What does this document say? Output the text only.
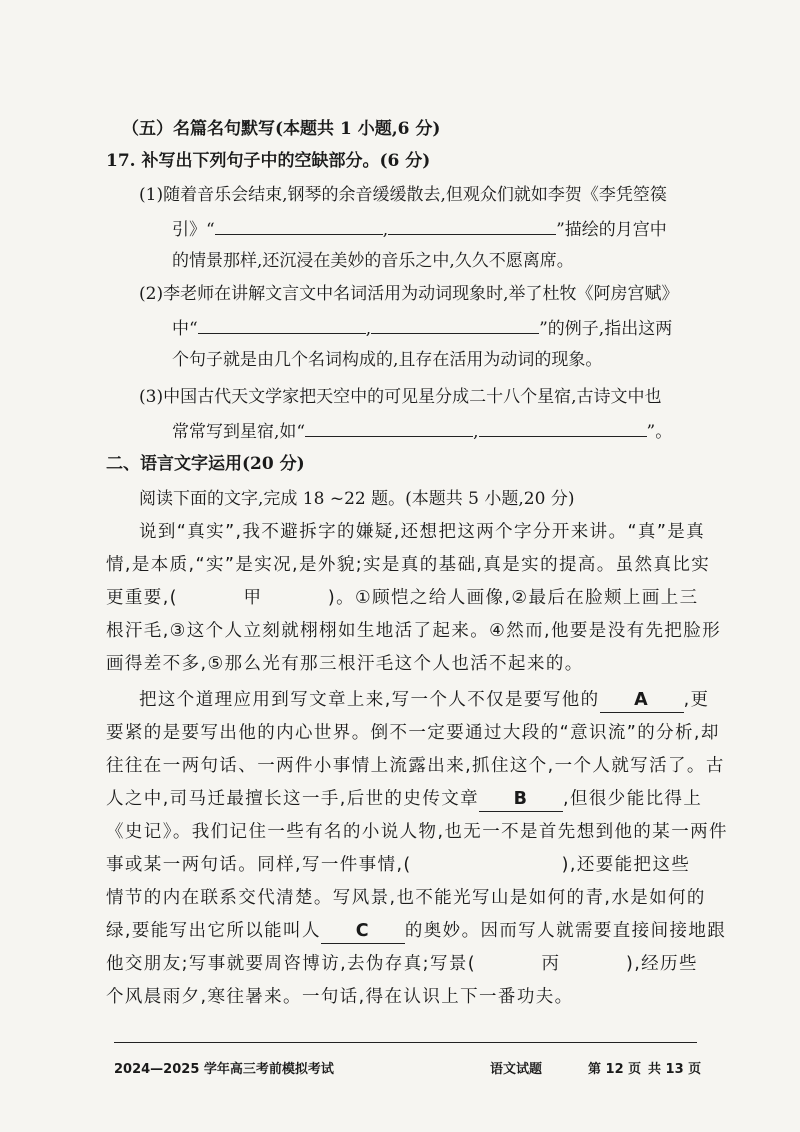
（五）名篇名句默写(本题共 1 小题,6 分)
17. 补写出下列句子中的空缺部分。(6 分)
(1)随着音乐会结束,钢琴的余音缓缓散去,但观众们就如李贺《李凭箜篌
引》“	,	”描绘的月宫中
的情景那样,还沉浸在美妙的音乐之中,久久不愿离席。
(2)李老师在讲解文言文中名词活用为动词现象时,举了杜牧《阿房宫赋》
中“	,	”的例子,指出这两
个句子就是由几个名词构成的,且存在活用为动词的现象。
(3)中国古代天文学家把天空中的可见星分成二十八个星宿,古诗文中也
常常写到星宿,如“	,	”。
二、语言文字运用(20 分)
阅读下面的文字,完成 18 ~22 题。(本题共 5 小题,20 分)
说到“真实”,我不避拆字的嫌疑,还想把这两个字分开来讲。“真”是真
情,是本质,“实”是实况,是外貌;实是真的基础,真是实的提高。虽然真比实
更重要,(	甲	)。①顾恺之给人画像,②最后在脸颊上画上三
根汗毛,③这个人立刻就栩栩如生地活了起来。④然而,他要是没有先把脸形
画得差不多,⑤那么光有那三根汗毛这个人也活不起来的。
把这个道理应用到写文章上来,写一个人不仅是要写他的 A ,更
要紧的是要写出他的内心世界。倒不一定要通过大段的“意识流”的分析,却
往往在一两句话、一两件小事情上流露出来,抓住这个,一个人就写活了。古
人之中,司马迁最擅长这一手,后世的史传文章 B ,但很少能比得上
《史记》。我们记住一些有名的小说人物,也无一不是首先想到他的某一两件
事或某一两句话。同样,写一件事情,(	),还要能把这些
情节的内在联系交代清楚。写风景,也不能光写山是如何的青,水是如何的
绿,要能写出它所以能叫人 C 的奥妙。因而写人就需要直接间接地跟
他交朋友;写事就要周咨博访,去伪存真;写景(	丙	),经历些
个风晨雨夕,寒往暑来。一句话,得在认识上下一番功夫。
2024—2025 学年高三考前模拟考试	语文试题	第 12 页 共 13 页
